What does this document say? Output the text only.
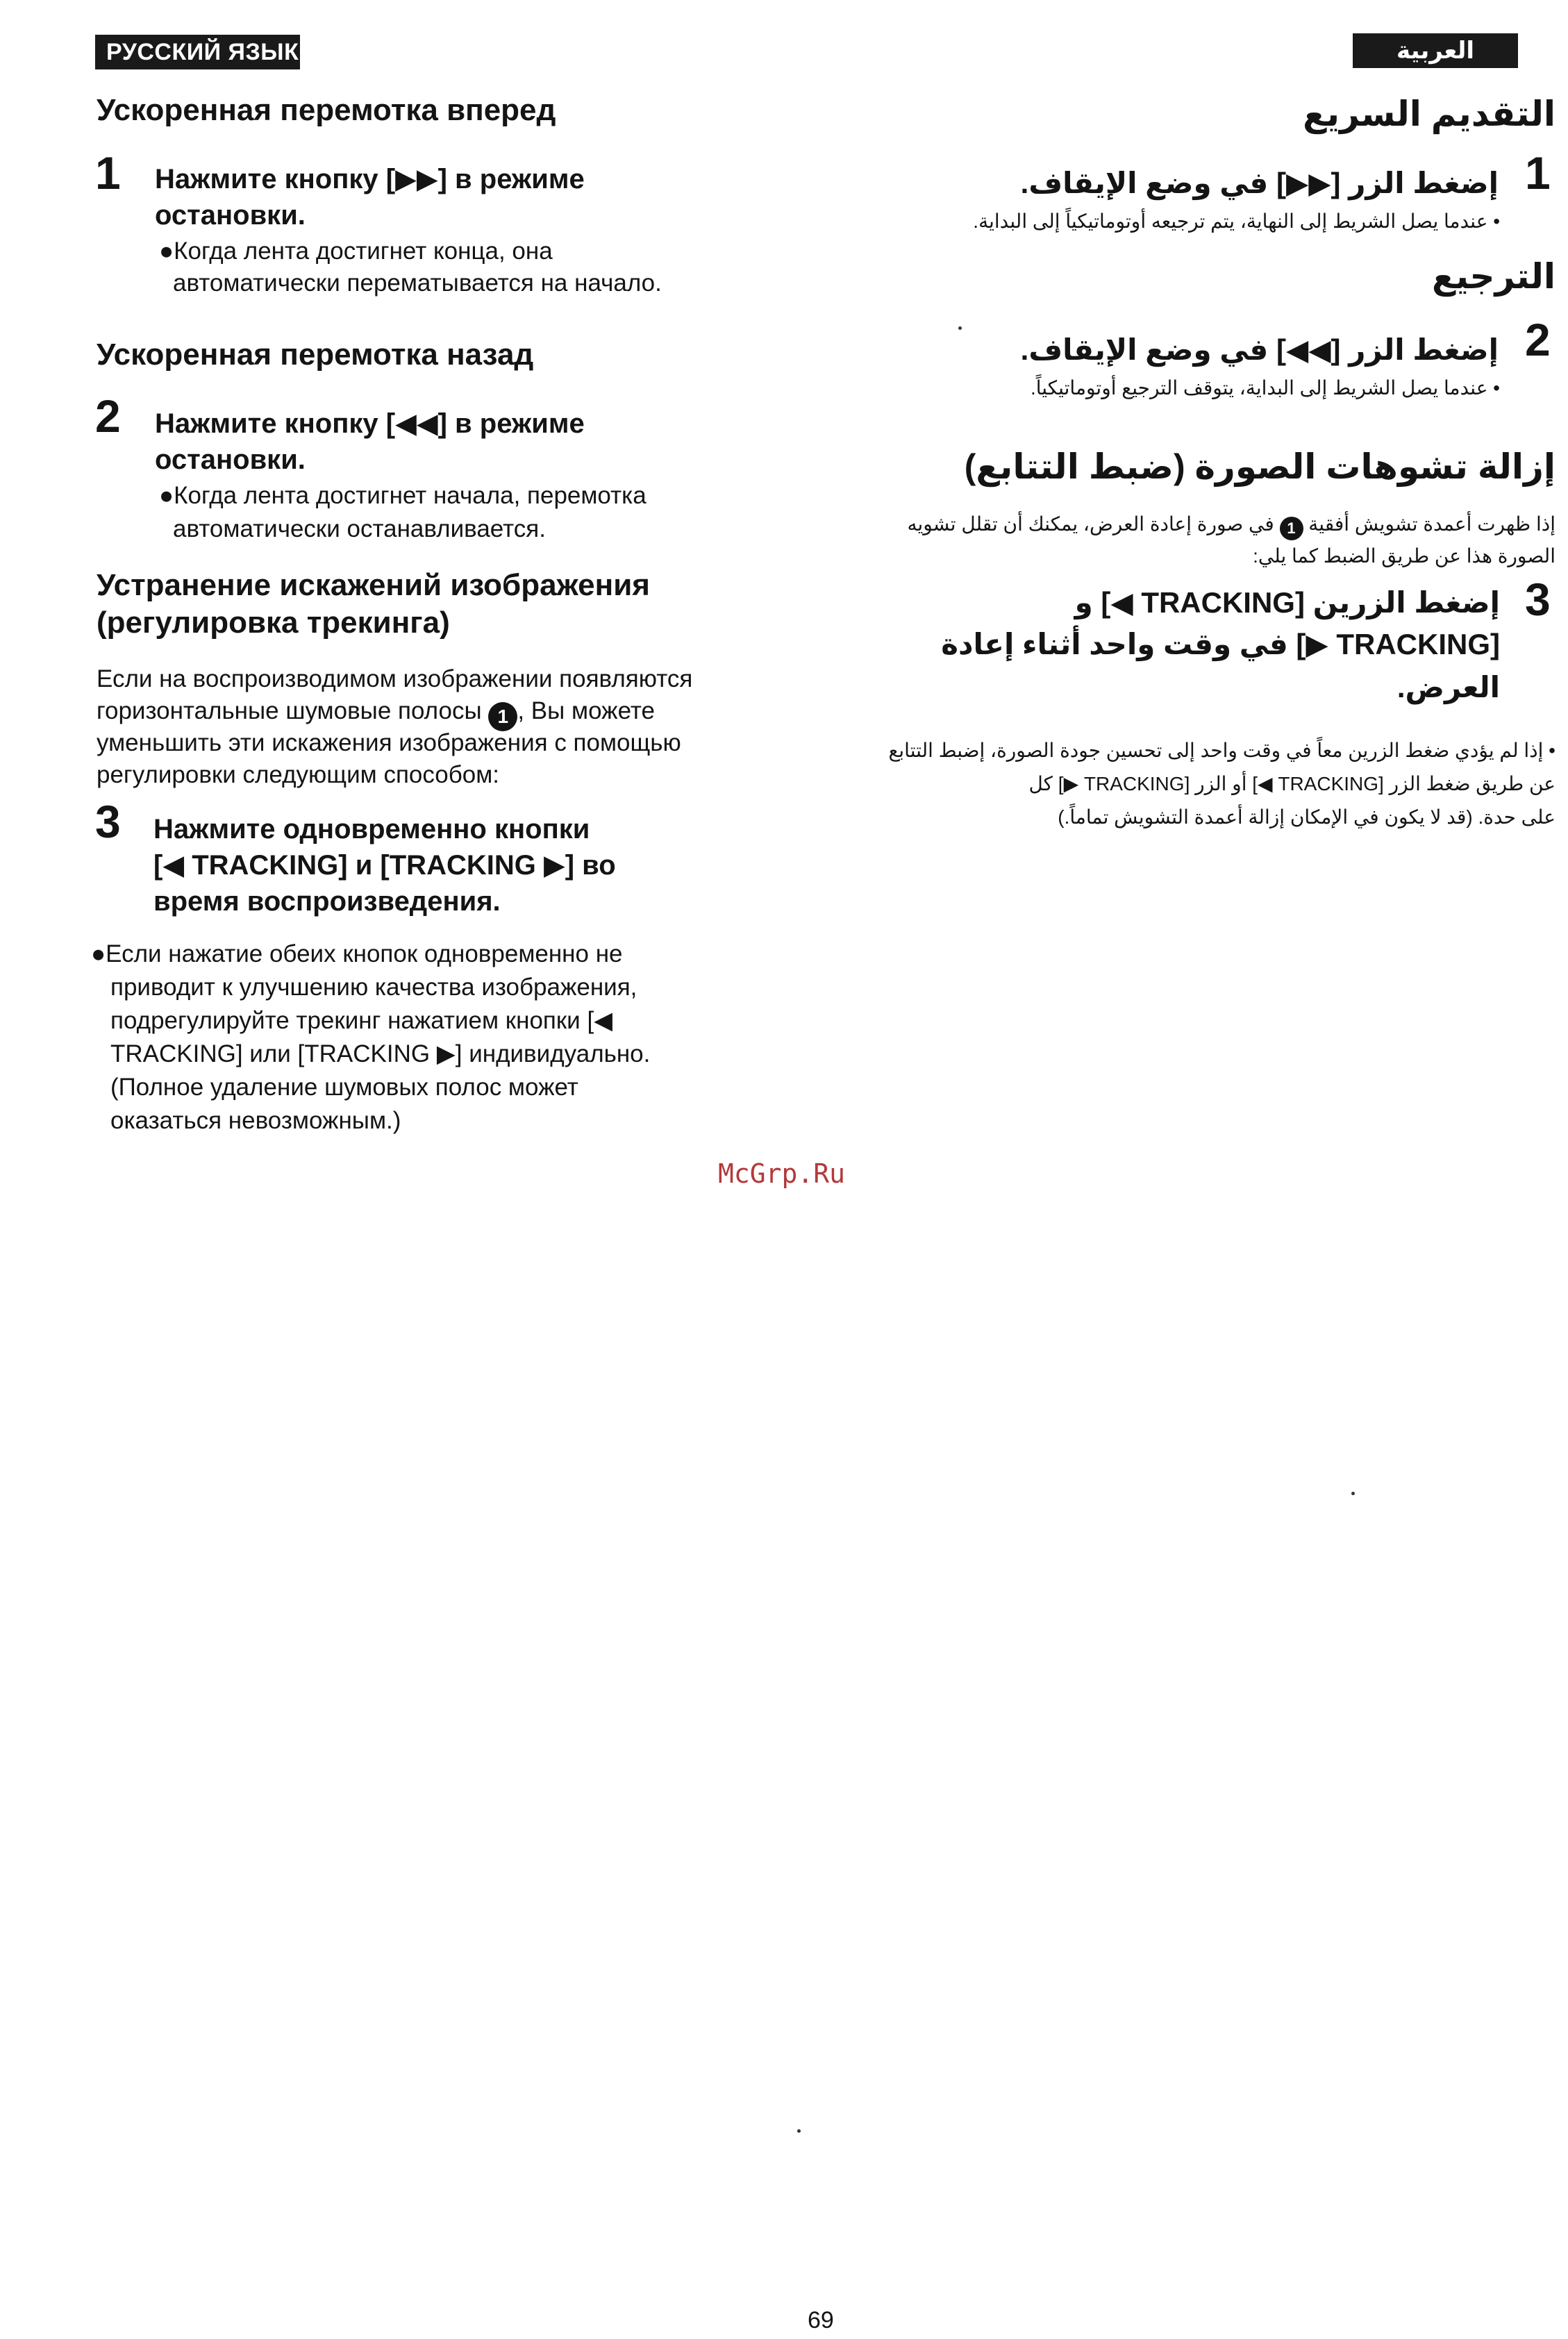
РУССКИЙ ЯЗЫК	العربية
Ускоренная перемотка вперед
1 Нажмите кнопку [▶▶] в режиме
остановки.
●Когда лента достигнет конца, она
автоматически перематывается на начало.
Ускоренная перемотка назад
2 Нажмите кнопку [◀◀] в режиме
остановки.
●Когда лента достигнет начала, перемотка
автоматически останавливается.
Устранение искажений изображения
(регулировка трекинга)
Если на воспроизводимом изображении появляются
горизонтальные шумовые полосы 1 , Вы можете
уменьшить эти искажения изображения с помощью
регулировки следующим способом:
3 Нажмите одновременно кнопки
[◀ TRACKING] и [TRACKING ▶] во
время воспроизведения.
●Если нажатие обеих кнопок одновременно не
приводит к улучшению качества изображения,
подрегулируйте трекинг нажатием кнопки [◀
TRACKING] или [TRACKING ▶] индивидуально.
(Полное удаление шумовых полос может
оказаться невозможным.)
التقديم السريع
1
إضغط الزر [▶▶] في وضع الإيقاف.
• عندما يصل الشريط إلى النهاية، يتم ترجيعه أوتوماتيكياً إلى البداية.
الترجيع
2
إضغط الزر [◀◀] في وضع الإيقاف.
• عندما يصل الشريط إلى البداية، يتوقف الترجيع أوتوماتيكياً.
إزالة تشوهات الصورة (ضبط التتابع)
إذا ظهرت أعمدة تشويش أفقية 1 في صورة إعادة العرض، يمكنك أن تقلل تشويه
الصورة هذا عن طريق الضبط كما يلي:
3
إضغط الزرين [TRACKING ◀] و
[TRACKING ▶] في وقت واحد أثناء إعادة
العرض.
• إذا لم يؤدي ضغط الزرين معاً في وقت واحد إلى تحسين جودة الصورة، إضبط التتابع
عن طريق ضغط الزر [TRACKING ◀] أو الزر [TRACKING ▶] كل
على حدة. (قد لا يكون في الإمكان إزالة أعمدة التشويش تماماً.)
McGrp.Ru
69
